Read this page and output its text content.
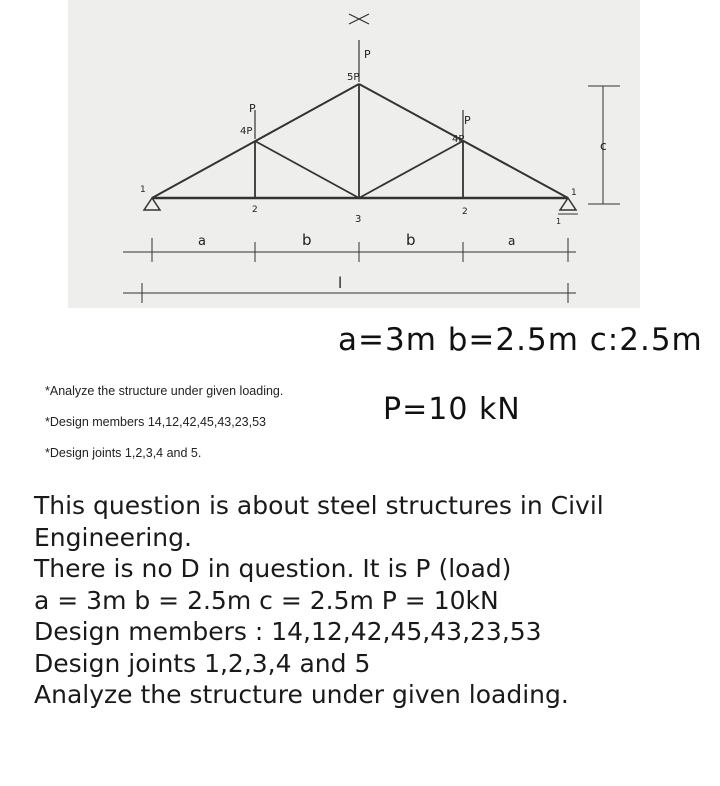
a	b	b	a
l
c
P
P
P
4P
5P
4P
1	1
2
3
2
1
a=3m b=2.5m c:2.5m
P=10 kN
*Analyze the structure under given loading.
*Design members 14,12,42,45,43,23,53
*Design joints 1,2,3,4 and 5.
This question is about steel structures in Civil
Engineering.
There is no D in question. It is P (load)
a = 3m b = 2.5m c = 2.5m P = 10kN
Design members : 14,12,42,45,43,23,53
Design joints 1,2,3,4 and 5
Analyze the structure under given loading.
